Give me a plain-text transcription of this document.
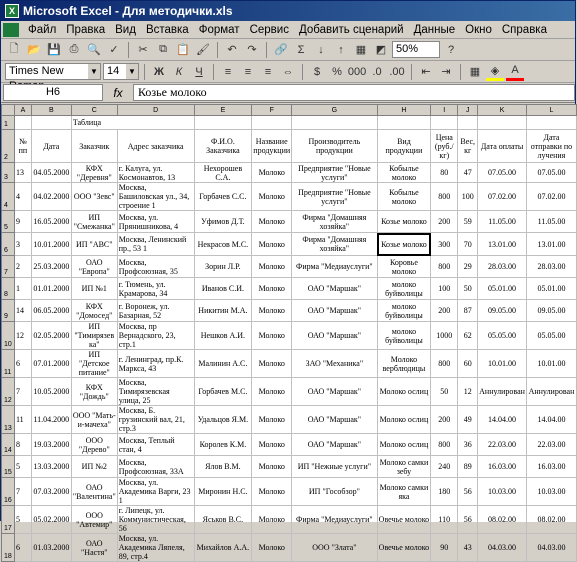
X Microsoft Excel - Для методички.xls
Файл Правка Вид Вставка Формат Сервис Добавить сценарий Данные Окно Справка
🗋 📂 💾 ⎙ 🔍 ✓	✂	⧉ 📋 🖌	↶ ↷	🔗 Σ	↓	↑	▦ ◩ 50%	?
Times New	▼ 14 ▼	Ж	К	Ч	≡	≡	≡	⇔	$	% 000 .0 .00	⇤ ⇥	▦ ◈	A
H6	fx	Козье молоко
	A	B	C	D	E	F	G	H	I	J	K	L
1			Таблица									
2	№ пп	Дата	Заказчик	Адрес заказчика	Ф.И.О. Заказчика	Название продукции	Производитель продукции	Вид продукции	Цена (руб./кг)	Вес, кг	Дата оплаты	Дата отправки по лучения
3	13	04.05.2000	КФХ "Деревня"	г. Калуга, ул. Космонавтов, 13	Нехорошев С.А.	Молоко	Предприятие "Новые услуги"	Кобылье молоко	80	47	07.05.00	07.05.00
4	4	04.02.2000	ООО "Зевс"	Москва, Башиловская ул., 34, строение 1	Горбачев С.С.	Молоко	Предприятие "Новые услуги"	Кобылье молоко	800	100	07.02.00	07.02.00
5	9	16.05.2000	ИП "Смежанка"	Москва, ул. Прянишникова, 4	Уфимов Д.Т.	Молоко	Фирма "Домашняя хозяйка"	Козье молоко	200	59	11.05.00	11.05.00
6	3	10.01.2000	ИП "АВС"	Москва, Ленинский пр., 53 1	Некрасов М.С.	Молоко	Фирма "Домашняя хозяйка"	Козье молоко	300	70	13.01.00	13.01.00
7	2	25.03.2000	ОАО "Европа"	Москва, Профсоюзная, 35	Зорин Л.Р.	Молоко	Фирма "Медиауслуги"	Коровье молоко	800	29	28.03.00	28.03.00
8	1	01.01.2000	ИП №1	г. Тюмень, ул. Крамарова, 34	Иванов С.И.	Молоко	ОАО "Маршак"	молоко буйволицы	100	50	05.01.00	05.01.00
9	14	06.05.2000	КФХ "Домосед"	г. Воронеж, ул. Базарная, 52	Никитин М.А.	Молоко	ОАО "Маршак"	молоко буйволицы	200	87	09.05.00	09.05.00
10	12	02.05.2000	ИП "Тимирязев ка"	Москва, пр Вернадского, 23, стр.1	Нешков А.И.	Молоко	ОАО "Маршак"	молоко буйволицы	1000	62	05.05.00	05.05.00
11	6	07.01.2000	ИП "Детское питание"	г. Ленинград, пр.К. Маркса, 43	Малинин А.С.	Молоко	ЗАО "Механика"	Молоко верблюдицы	800	60	10.01.00	10.01.00
12	7	10.05.2000	КФХ "Дождь"	Москва, Тимирязевская улица, 25	Горбачев М.С.	Молоко	ОАО "Маршак"	Молоко ослиц	50	12	Аннулирован	Аннулирован
13	11	11.04.2000	ООО "Мать-и-мачеха"	Москва, Б. грузинский вал, 21, стр.3	Удальцов Я.М.	Молоко	ОАО "Маршак"	Молоко ослиц	200	49	14.04.00	14.04.00
14	8	19.03.2000	ООО "Дерево"	Москва, Теплый стан, 4	Королев К.М.	Молоко	ОАО "Маршак"	Молоко ослиц	800	36	22.03.00	22.03.00
15	5	13.03.2000	ИП №2	Москва, Профсоюзная, 33А	Ялов В.М.	Молоко	ИП "Нежные услуги"	Молоко самки зебу	240	89	16.03.00	16.03.00
16	7	07.03.2000	ОАО "Валентина"	Москва, ул. Академика Варги, 23 1	Миронин Н.С.	Молоко	ИП "Гособзор"	Молоко самки яка	180	56	10.03.00	10.03.00
17	5	05.02.2000	ООО "Автемир"	г. Липецк, ул. Коммунистическая, 56	Яськов В.С.	Молоко	Фирма "Медиауслуги"	Овечье молоко	110	56	08.02.00	08.02.00
18	6	01.03.2000	ОАО "Настя"	Москва, ул. Академика Ляпеля, 89, стр.4	Михайлов А.А.	Молоко	ООО "Злата"	Овечье молоко	90	43	04.03.00	04.03.00
